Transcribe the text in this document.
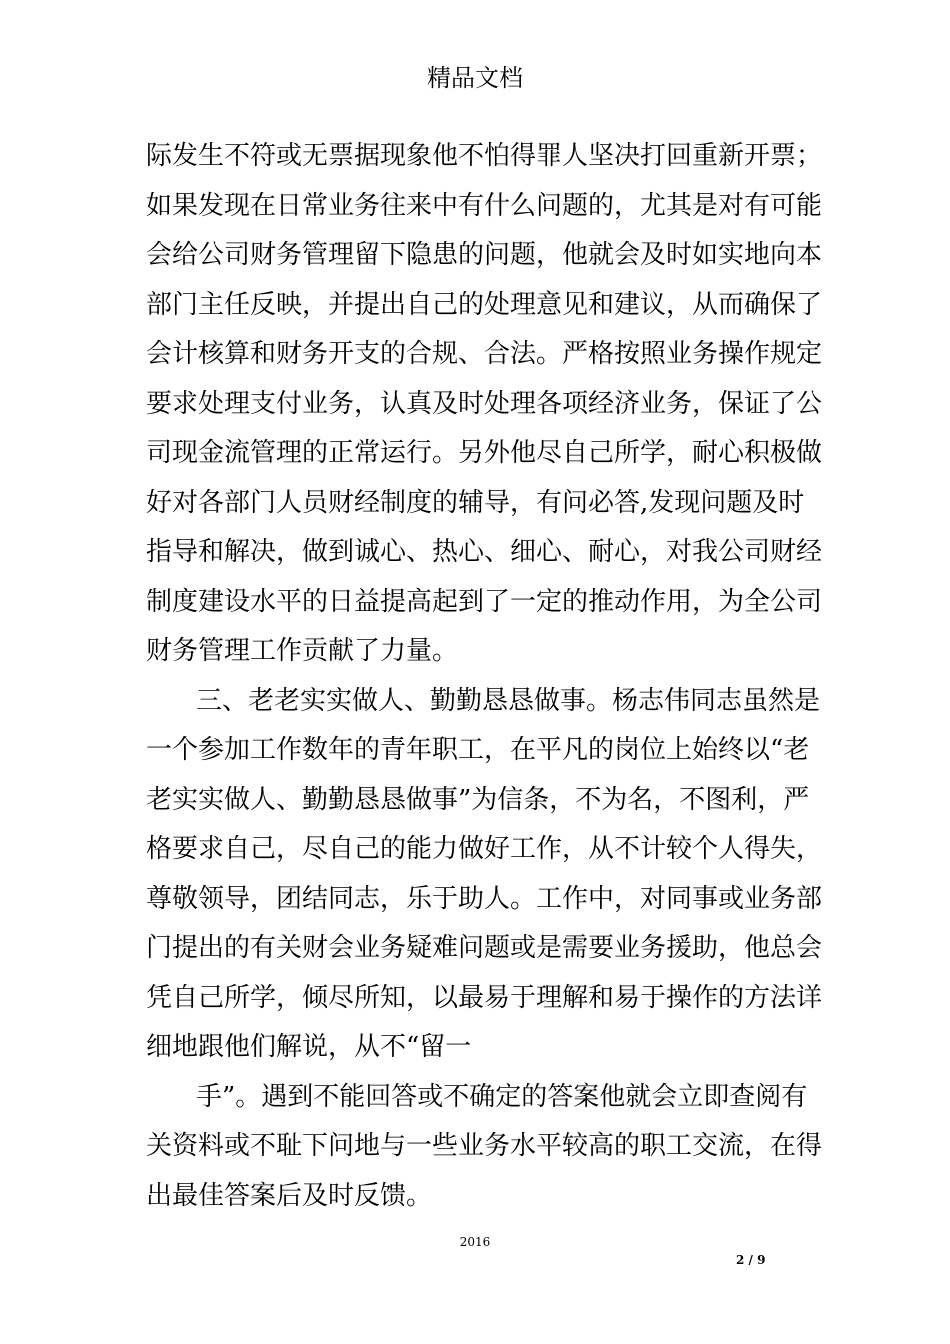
精品文档
际发生不符或无票据现象他不怕得罪人坚决打回重新开票；
如果发现在日常业务往来中有什么问题的，尤其是对有可能
会给公司财务管理留下隐患的问题，他就会及时如实地向本
部门主任反映，并提出自己的处理意见和建议，从而确保了
会计核算和财务开支的合规、合法。严格按照业务操作规定
要求处理支付业务，认真及时处理各项经济业务，保证了公
司现金流管理的正常运行。另外他尽自己所学，耐心积极做
好对各部门人员财经制度的辅导，有问必答,发现问题及时
指导和解决，做到诚心、热心、细心、耐心，对我公司财经
制度建设水平的日益提高起到了一定的推动作用，为全公司
财务管理工作贡献了力量。
三、老老实实做人、勤勤恳恳做事。杨志伟同志虽然是
一个参加工作数年的青年职工，在平凡的岗位上始终以“老
老实实做人、勤勤恳恳做事”为信条，不为名，不图利，严
格要求自己，尽自己的能力做好工作，从不计较个人得失，
尊敬领导，团结同志，乐于助人。工作中，对同事或业务部
门提出的有关财会业务疑难问题或是需要业务援助，他总会
凭自己所学，倾尽所知，以最易于理解和易于操作的方法详
细地跟他们解说，从不“留一
手”。遇到不能回答或不确定的答案他就会立即查阅有
关资料或不耻下问地与一些业务水平较高的职工交流，在得
出最佳答案后及时反馈。
2016
2 / 9
